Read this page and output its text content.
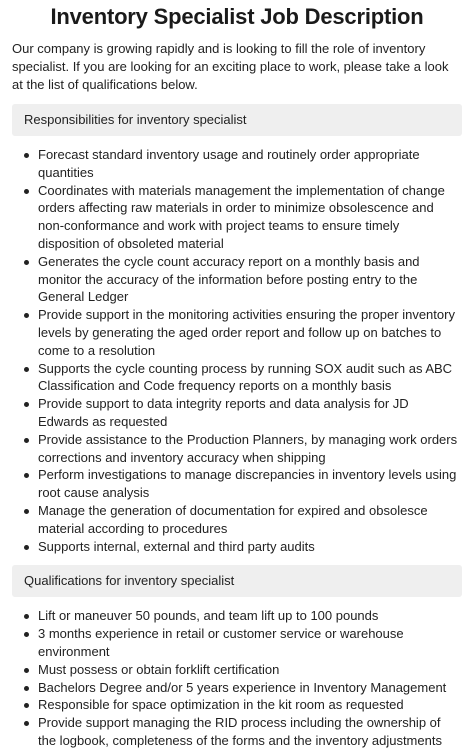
Inventory Specialist Job Description

Our company is growing rapidly and is looking to fill the role of inventory specialist. If you are looking for an exciting place to work, please take a look at the list of qualifications below.

Responsibilities for inventory specialist
Forecast standard inventory usage and routinely order appropriate quantities
Coordinates with materials management the implementation of change orders affecting raw materials in order to minimize obsolescence and non-conformance and work with project teams to ensure timely disposition of obsoleted material
Generates the cycle count accuracy report on a monthly basis and monitor the accuracy of the information before posting entry to the General Ledger
Provide support in the monitoring activities ensuring the proper inventory levels by generating the aged order report and follow up on batches to come to a resolution
Supports the cycle counting process by running SOX audit such as ABC Classification and Code frequency reports on a monthly basis
Provide support to data integrity reports and data analysis for JD Edwards as requested
Provide assistance to the Production Planners, by managing work orders corrections and inventory accuracy when shipping
Perform investigations to manage discrepancies in inventory levels using root cause analysis
Manage the generation of documentation for expired and obsolesce material according to procedures
Supports internal, external and third party audits
Qualifications for inventory specialist
Lift or maneuver 50 pounds, and team lift up to 100 pounds
3 months experience in retail or customer service or warehouse environment
Must possess or obtain forklift certification
Bachelors Degree and/or 5 years experience in Inventory Management
Responsible for space optimization in the kit room as requested
Provide support managing the RID process including the ownership of the logbook, completeness of the forms and the inventory adjustments
